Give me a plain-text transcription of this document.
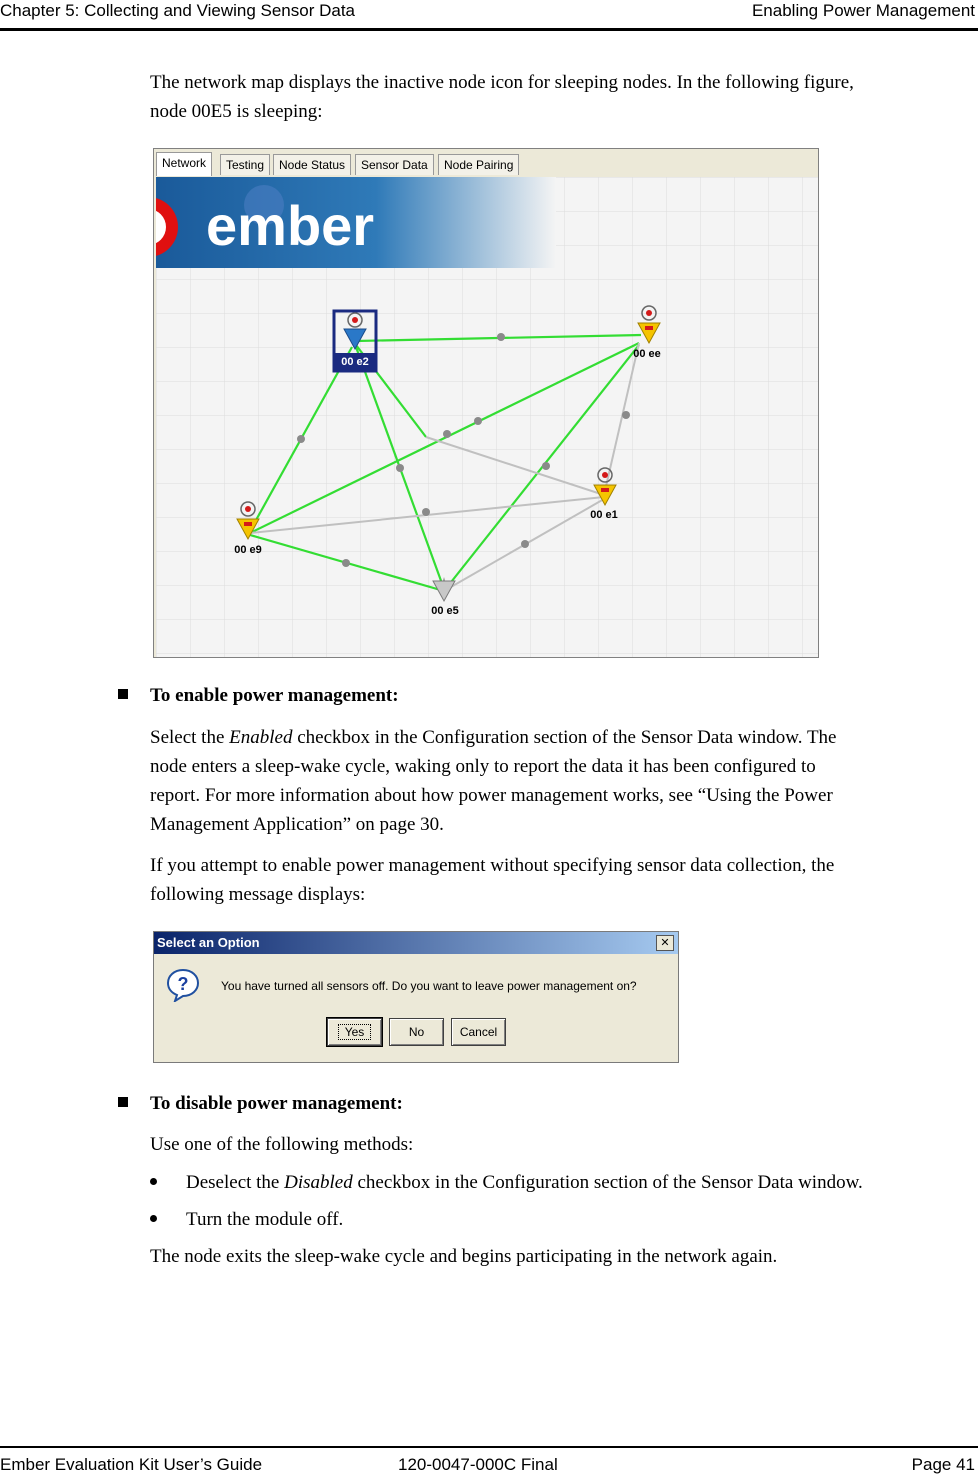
Chapter 5: Collecting and Viewing Sensor Data	Enabling Power Management
The network map displays the inactive node icon for sleeping nodes. In the following figure,
node 00E5 is sleeping:
Network	Testing	Node Status	Sensor Data	Node Pairing
ember
00 e2
00 ee
00 e1
00 e9
00 e5
To enable power management:
Select the Enabled checkbox in the Configuration section of the Sensor Data window. The
node enters a sleep-wake cycle, waking only to report the data it has been configured to
report. For more information about how power management works, see “Using the Power
Management Application” on page 30.
If you attempt to enable power management without specifying sensor data collection, the
following message displays:
Select an Option	✕
?	You have turned all sensors off. Do you want to leave power management on?
Yes	No	Cancel
To disable power management:
Use one of the following methods:
Deselect the Disabled checkbox in the Configuration section of the Sensor Data window.
Turn the module off.
The node exits the sleep-wake cycle and begins participating in the network again.
Ember Evaluation Kit User’s Guide	120-0047-000C Final	Page 41
